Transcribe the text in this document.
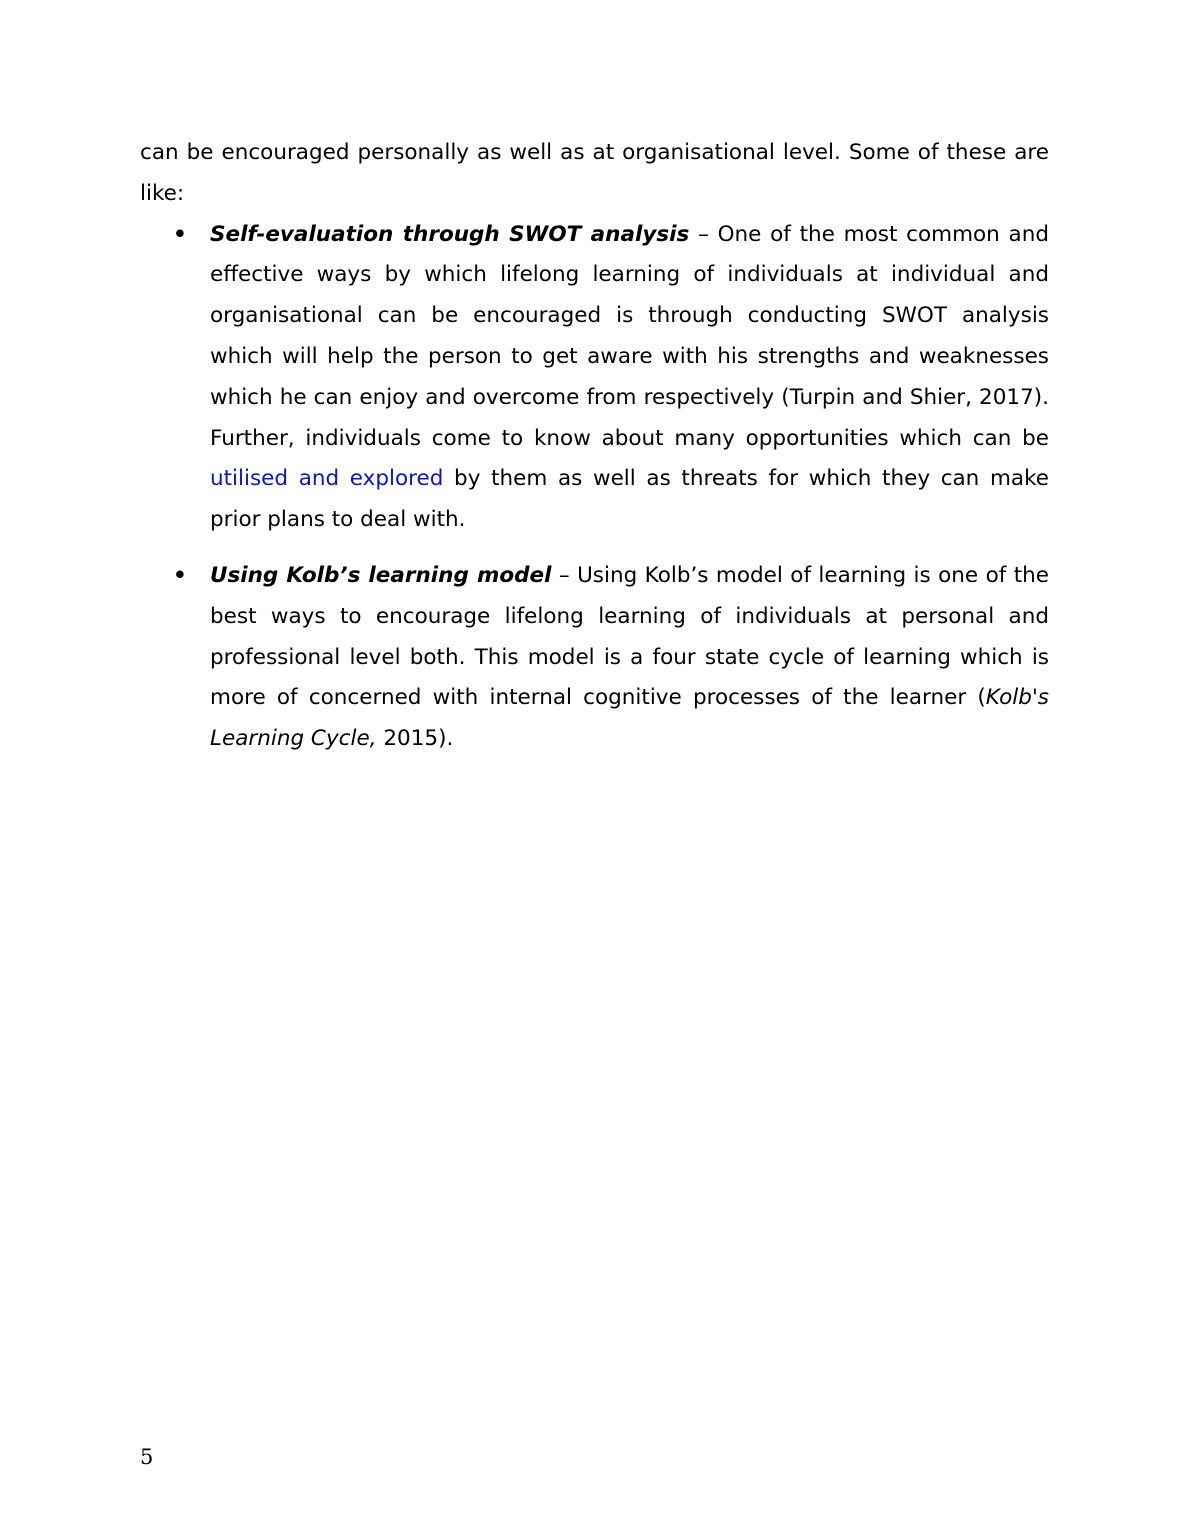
can be encouraged personally as well as at organisational level. Some of these are like:

• Self-evaluation through SWOT analysis – One of the most common and effective ways by which lifelong learning of individuals at individual and organisational can be encouraged is through conducting SWOT analysis which will help the person to get aware with his strengths and weaknesses which he can enjoy and overcome from respectively (Turpin and Shier, 2017). Further, individuals come to know about many opportunities which can be utilised and explored by them as well as threats for which they can make prior plans to deal with.
• Using Kolb’s learning model – Using Kolb’s model of learning is one of the best ways to encourage lifelong learning of individuals at personal and professional level both. This model is a four state cycle of learning which is more of concerned with internal cognitive processes of the learner (Kolb's Learning Cycle, 2015).
5
